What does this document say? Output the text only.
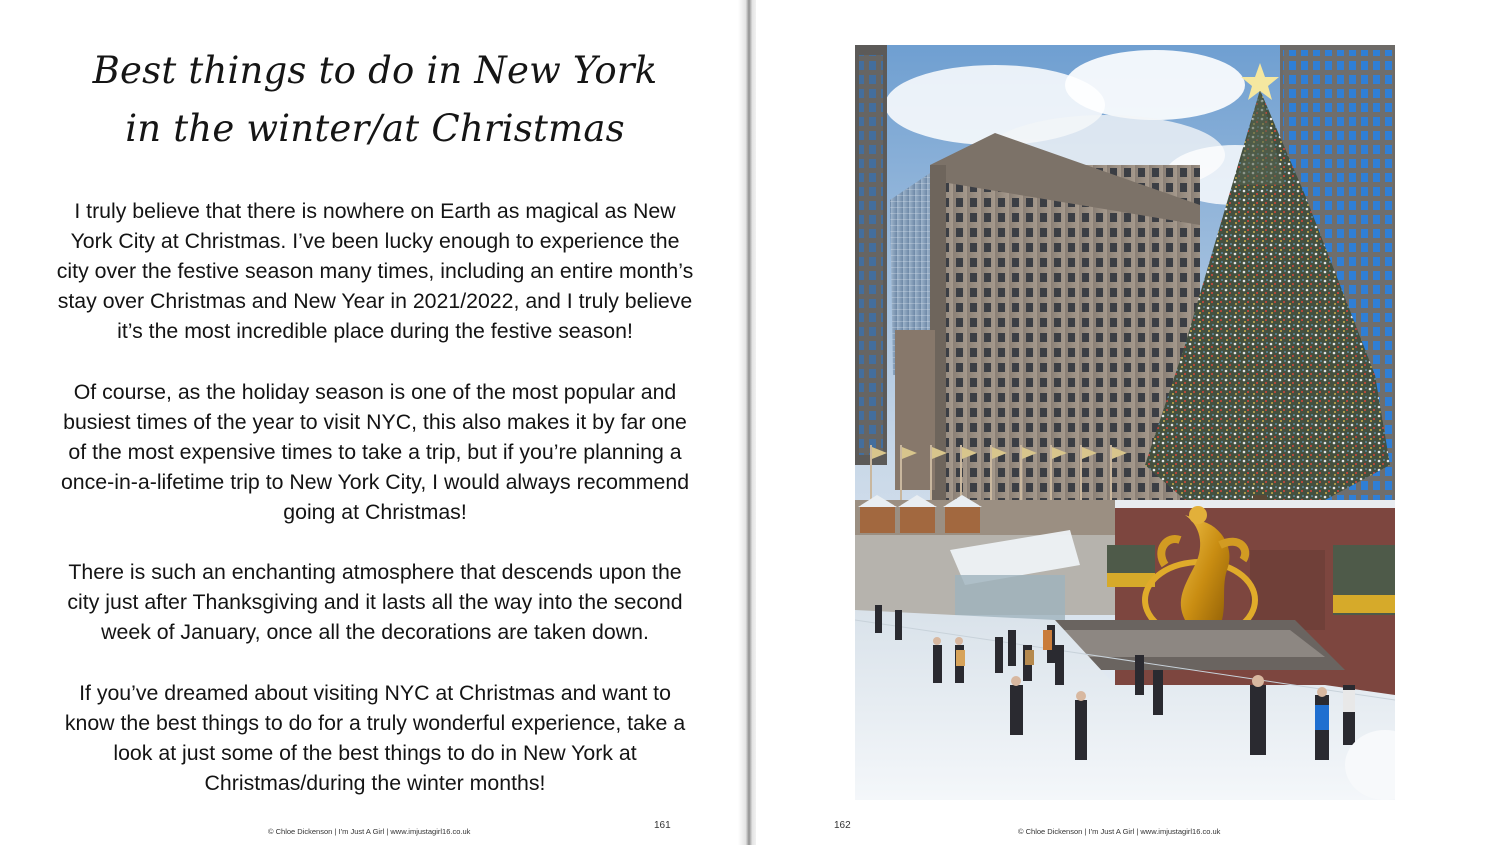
Best things to do in New York
in the winter/at Christmas
I truly believe that there is nowhere on Earth as magical as New
York City at Christmas. I’ve been lucky enough to experience the
city over the festive season many times, including an entire month’s
stay over Christmas and New Year in 2021/2022, and I truly believe
it’s the most incredible place during the festive season!
Of course, as the holiday season is one of the most popular and
busiest times of the year to visit NYC, this also makes it by far one
of the most expensive times to take a trip, but if you’re planning a
once-in-a-lifetime trip to New York City, I would always recommend
going at Christmas!
There is such an enchanting atmosphere that descends upon the
city just after Thanksgiving and it lasts all the way into the second
week of January, once all the decorations are taken down.
If you’ve dreamed about visiting NYC at Christmas and want to
know the best things to do for a truly wonderful experience, take a
look at just some of the best things to do in New York at
Christmas/during the winter months!
© Chloe Dickenson | I’m Just A Girl | www.imjustagirl16.co.uk
161	162
© Chloe Dickenson | I’m Just A Girl | www.imjustagirl16.co.uk
